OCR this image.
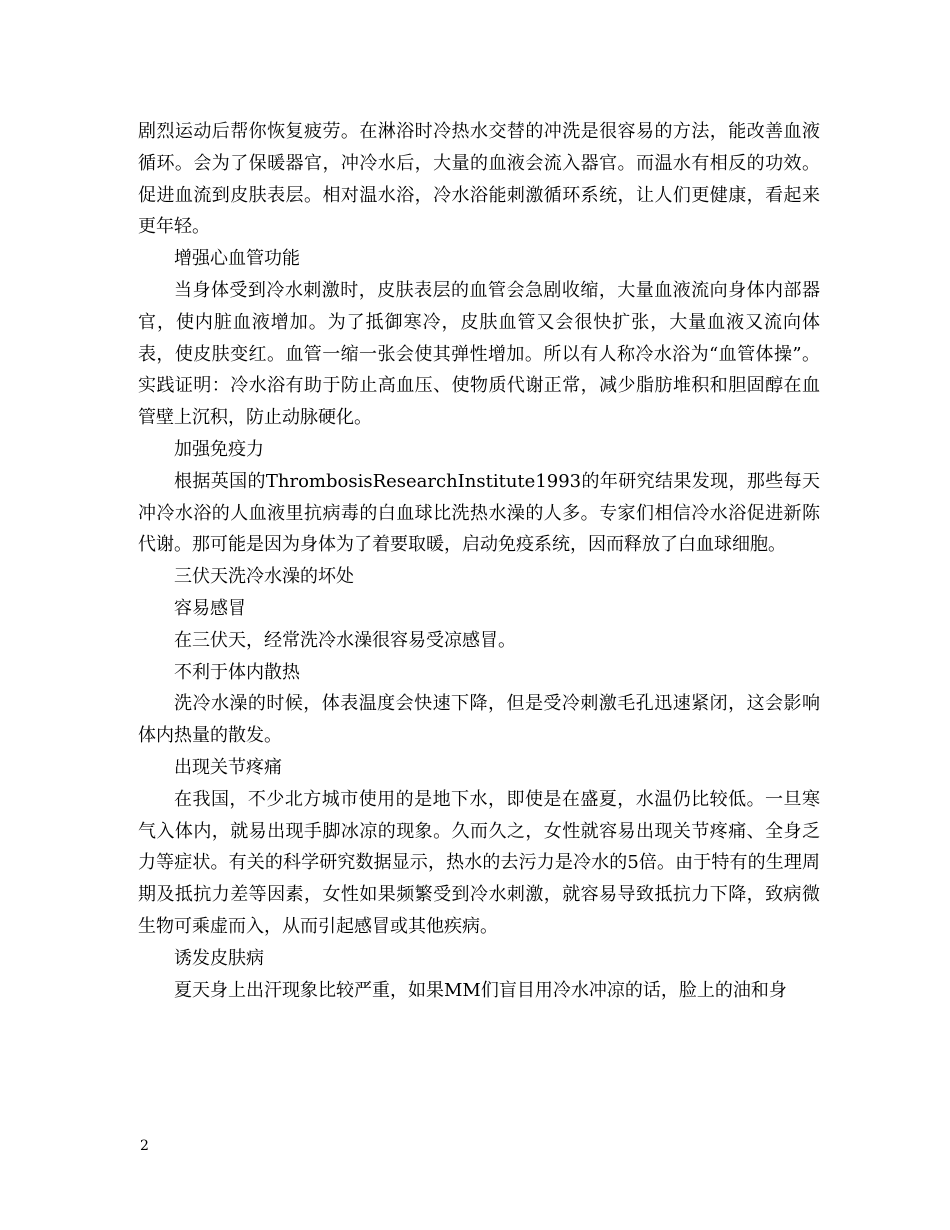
剧烈运动后帮你恢复疲劳。在淋浴时冷热水交替的冲洗是很容易的方法，能改善血液循环。会为了保暖器官，冲冷水后，大量的血液会流入器官。而温水有相反的功效。促进血流到皮肤表层。相对温水浴，冷水浴能刺激循环系统，让人们更健康，看起来更年轻。

增强心血管功能

当身体受到冷水刺激时，皮肤表层的血管会急剧收缩，大量血液流向身体内部器官，使内脏血液增加。为了抵御寒冷，皮肤血管又会很快扩张，大量血液又流向体表，使皮肤变红。血管一缩一张会使其弹性增加。所以有人称冷水浴为“血管体操”。实践证明：冷水浴有助于防止高血压、使物质代谢正常，减少脂肪堆积和胆固醇在血管壁上沉积，防止动脉硬化。

加强免疫力

根据英国的ThrombosisResearchInstitute1993的年研究结果发现，那些每天冲冷水浴的人血液里抗病毒的白血球比洗热水澡的人多。专家们相信冷水浴促进新陈代谢。那可能是因为身体为了着要取暖，启动免疫系统，因而释放了白血球细胞。

三伏天洗冷水澡的坏处

容易感冒

在三伏天，经常洗冷水澡很容易受凉感冒。

不利于体内散热

洗冷水澡的时候，体表温度会快速下降，但是受冷刺激毛孔迅速紧闭，这会影响体内热量的散发。

出现关节疼痛

在我国，不少北方城市使用的是地下水，即使是在盛夏，水温仍比较低。一旦寒气入体内，就易出现手脚冰凉的现象。久而久之，女性就容易出现关节疼痛、全身乏力等症状。有关的科学研究数据显示，热水的去污力是冷水的5倍。由于特有的生理周期及抵抗力差等因素，女性如果频繁受到冷水刺激，就容易导致抵抗力下降，致病微生物可乘虚而入，从而引起感冒或其他疾病。

诱发皮肤病

夏天身上出汗现象比较严重，如果MM们盲目用冷水冲凉的话，脸上的油和身

2
